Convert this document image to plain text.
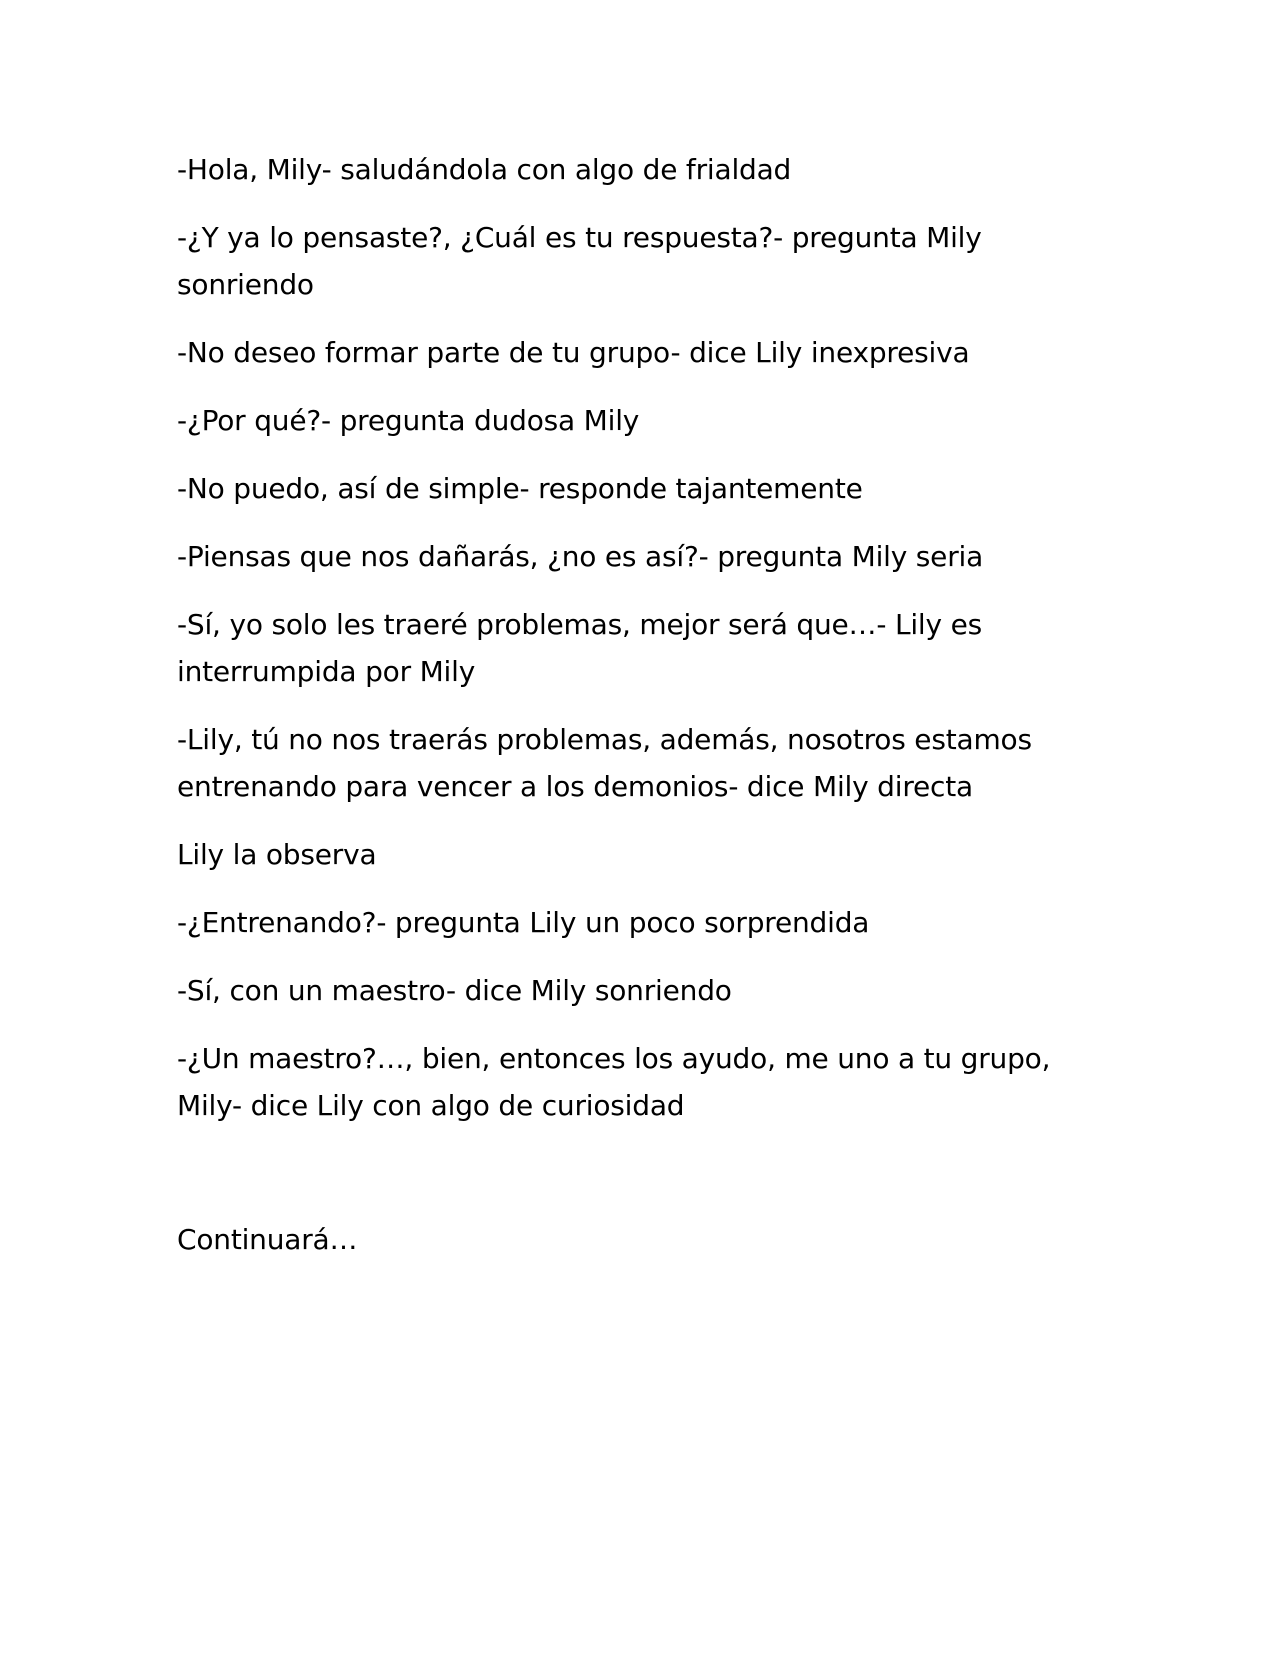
-Hola, Mily- saludándola con algo de frialdad

-¿Y ya lo pensaste?, ¿Cuál es tu respuesta?- pregunta Mily sonriendo

-No deseo formar parte de tu grupo- dice Lily inexpresiva

-¿Por qué?- pregunta dudosa Mily

-No puedo, así de simple- responde tajantemente

-Piensas que nos dañarás, ¿no es así?- pregunta Mily seria

-Sí, yo solo les traeré problemas, mejor será que…- Lily es interrumpida por Mily

-Lily, tú no nos traerás problemas, además, nosotros estamos entrenando para vencer a los demonios- dice Mily directa

Lily la observa

-¿Entrenando?- pregunta Lily un poco sorprendida

-Sí, con un maestro- dice Mily sonriendo

-¿Un maestro?…, bien, entonces los ayudo, me uno a tu grupo, Mily- dice Lily con algo de curiosidad

Continuará…
